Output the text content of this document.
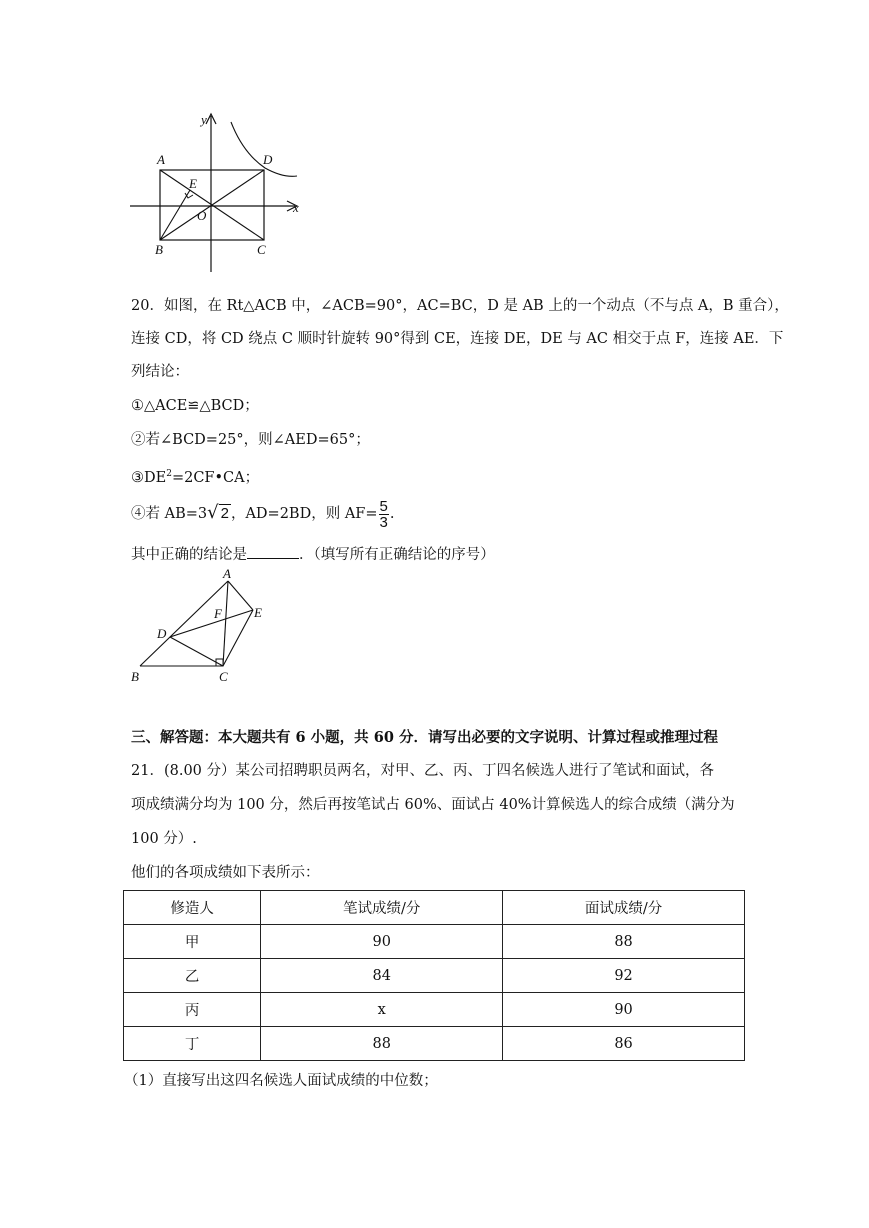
y
x
A	D
E
O
B	C
20．如图，在 Rt△ACB 中，∠ACB=90°，AC=BC，D 是 AB 上的一个动点（不与点 A，B 重合），
连接 CD，将 CD 绕点 C 顺时针旋转 90°得到 CE，连接 DE，DE 与 AC 相交于点 F，连接 AE．下
列结论：
①△ACE≌△BCD；
②若∠BCD=25°，则∠AED=65°；
$③DE^2=2CF•CA$；
④若 AB=3√ 2 ，AD=2BD，则 $AF= \frac{5}{3}$ .
其中正确的结论是	．（填写所有正确结论的序号）
A
F E
D
B	C
三、解答题：本大题共有 6 小题，共 60 分．请写出必要的文字说明、计算过程或推理过程
21．(8.00 分）某公司招聘职员两名，对甲、乙、丙、丁四名候选人进行了笔试和面试，各
项成绩满分均为 100 分，然后再按笔试占 60%、面试占 40%计算候选人的综合成绩（满分为
100 分）.
他们的各项成绩如下表所示：
修造人	笔试成绩/分	面试成绩/分
甲	90	88
乙	84	92
丙	x	90
丁	88	86
（1）直接写出这四名候选人面试成绩的中位数；
